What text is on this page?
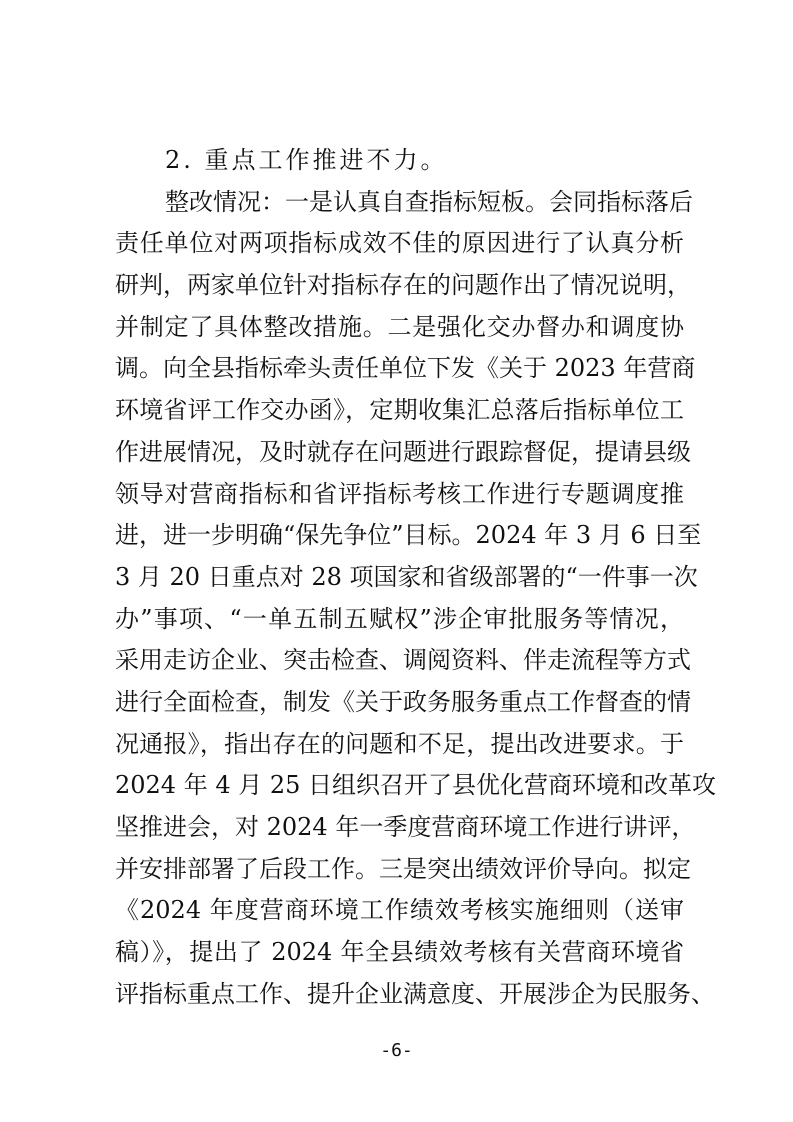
2. 重点工作推进不力。
整改情况：一是认真自查指标短板。会同指标落后
责任单位对两项指标成效不佳的原因进行了认真分析
研判，两家单位针对指标存在的问题作出了情况说明，
并制定了具体整改措施。二是强化交办督办和调度协
调。向全县指标牵头责任单位下发《关于 2023 年营商
环境省评工作交办函》，定期收集汇总落后指标单位工
作进展情况，及时就存在问题进行跟踪督促，提请县级
领导对营商指标和省评指标考核工作进行专题调度推
进，进一步明确“保先争位”目标。2024 年 3 月 6 日至
3 月 20 日重点对 28 项国家和省级部署的“一件事一次
办”事项、“一单五制五赋权”涉企审批服务等情况，
采用走访企业、突击检查、调阅资料、伴走流程等方式
进行全面检查，制发《关于政务服务重点工作督查的情
况通报》，指出存在的问题和不足，提出改进要求。于
2024 年 4 月 25 日组织召开了县优化营商环境和改革攻
坚推进会，对 2024 年一季度营商环境工作进行讲评，
并安排部署了后段工作。三是突出绩效评价导向。拟定
《2024 年度营商环境工作绩效考核实施细则（送审
稿）》，提出了 2024 年全县绩效考核有关营商环境省
评指标重点工作、提升企业满意度、开展涉企为民服务、
-6-
